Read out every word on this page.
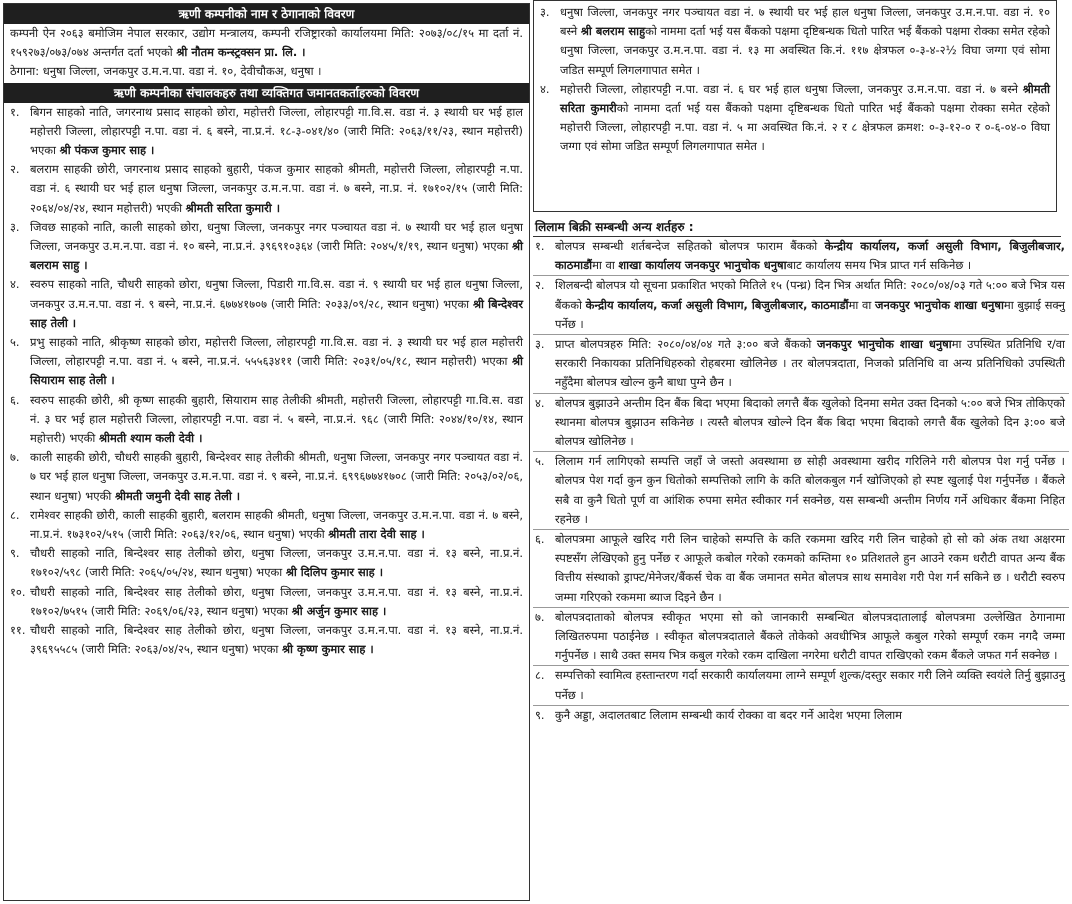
ऋणी कम्पनीको नाम र ठेगानाको विवरण
कम्पनी ऐन २०६३ बमोजिम नेपाल सरकार, उद्योग मन्त्रालय, कम्पनी रजिष्ट्रारको कार्यालयमा मिति: २०७३/०८/१५ मा दर्ता नं. १५९२७३/०७३/०७४ अन्तर्गत दर्ता भएको श्री नौतम कन्स्ट्रक्सन प्रा. लि. ।
ठेगाना: धनुषा जिल्ला, जनकपुर उ.म.न.पा. वडा नं. १०, देवीचौकअ, धनुषा ।
ऋणी कम्पनीका संचालकहरु तथा व्यक्तिगत जमानतकर्ताहरुको विवरण
१. बिगन साहको नाति, जगरनाथ प्रसाद साहको छोरा, महोत्तरी जिल्ला, लोहारपट्टी गा.वि.स. वडा नं. ३ स्थायी घर भई हाल महोत्तरी जिल्ला, लोहारपट्टी न.पा. वडा नं. ६ बस्ने, ना.प्र.नं. १८-३-०४१/४० (जारी मिति: २०६३/११/२३, स्थान महोत्तरी) भएका श्री पंकज कुमार साह ।
२. बलराम साहकी छोरी, जगरनाथ प्रसाद साहको बुहारी, पंकज कुमार साहको श्रीमती, महोत्तरी जिल्ला, लोहारपट्टी न.पा. वडा नं. ६ स्थायी घर भई हाल धनुषा जिल्ला, जनकपुर उ.म.न.पा. वडा नं. ७ बस्ने, ना.प्र. नं. १७१०२/१५ (जारी मिति: २०६४/०४/२४, स्थान महोत्तरी) भएकी श्रीमती सरिता कुमारी ।
३. जिवछ साहको नाति, काली साहको छोरा, धनुषा जिल्ला, जनकपुर नगर पञ्चायत वडा नं. ७ स्थायी घर भई हाल धनुषा जिल्ला, जनकपुर उ.म.न.पा. वडा नं. १० बस्ने, ना.प्र.नं. ३९६९१०३६४ (जारी मिति: २०४५/१/१९, स्थान धनुषा) भएका श्री बलराम साहु ।
४. स्वरुप साहको नाति, चौधरी साहको छोरा, धनुषा जिल्ला, पिडारी गा.वि.स. वडा नं. ९ स्थायी घर भई हाल धनुषा जिल्ला, जनकपुर उ.म.न.पा. वडा नं. ९ बस्ने, ना.प्र.नं. ६७७४१७०७ (जारी मिति: २०३३/०९/२८, स्थान धनुषा) भएका श्री बिन्देश्वर साह तेली ।
५. प्रभु साहको नाति, श्रीकृष्ण साहको छोरा, महोत्तरी जिल्ला, लोहारपट्टी गा.वि.स. वडा नं. ३ स्थायी घर भई हाल महोत्तरी जिल्ला, लोहारपट्टी न.पा. वडा नं. ५ बस्ने, ना.प्र.नं. ५५५६३४११ (जारी मिति: २०३१/०५/१८, स्थान महोत्तरी) भएका श्री सियाराम साह तेली ।
६. स्वरुप साहकी छोरी, श्री कृष्ण साहकी बुहारी, सियाराम साह तेलीकी श्रीमती, महोत्तरी जिल्ला, लोहारपट्टी गा.वि.स. वडा नं. ३ घर भई हाल महोत्तरी जिल्ला, लोहारपट्टी न.पा. वडा नं. ५ बस्ने, ना.प्र.नं. ९६८ (जारी मिति: २०४४/१०/१४, स्थान महोत्तरी) भएकी श्रीमती श्याम कली देवी ।
७. काली साहकी छोरी, चौधरी साहकी बुहारी, बिन्देश्वर साह तेलीकी श्रीमती, धनुषा जिल्ला, जनकपुर नगर पञ्चायत वडा नं. ७ घर भई हाल धनुषा जिल्ला, जनकपुर उ.म.न.पा. वडा नं. ९ बस्ने, ना.प्र.नं. ६९९६७७४१७०८ (जारी मिति: २०५३/०२/०६, स्थान धनुषा) भएकी श्रीमती जमुनी देवी साह तेली ।
८. रामेश्वर साहकी छोरी, काली साहकी बुहारी, बलराम साहकी श्रीमती, धनुषा जिल्ला, जनकपुर उ.म.न.पा. वडा नं. ७ बस्ने, ना.प्र.नं. १७३१०२/५१५ (जारी मिति: २०६३/१२/०६, स्थान धनुषा) भएकी श्रीमती तारा देवी साह ।
९. चौधरी साहको नाति, बिन्देश्वर साह तेलीको छोरा, धनुषा जिल्ला, जनकपुर उ.म.न.पा. वडा नं. १३ बस्ने, ना.प्र.नं. १७१०२/५९८ (जारी मिति: २०६५/०५/२४, स्थान धनुषा) भएका श्री दिलिप कुमार साह ।
१०. चौधरी साहको नाति, बिन्देश्वर साह तेलीको छोरा, धनुषा जिल्ला, जनकपुर उ.म.न.पा. वडा नं. १३ बस्ने, ना.प्र.नं. १७१०२/७५१५ (जारी मिति: २०६९/०६/२३, स्थान धनुषा) भएका श्री अर्जुन कुमार साह ।
११. चौधरी साहको नाति, बिन्देश्वर साह तेलीको छोरा, धनुषा जिल्ला, जनकपुर उ.म.न.पा. वडा नं. १३ बस्ने, ना.प्र.नं. ३९६९५५८५ (जारी मिति: २०६३/०४/२५, स्थान धनुषा) भएका श्री कृष्ण कुमार साह ।
३. धनुषा जिल्ला, जनकपुर नगर पञ्चायत वडा नं. ७ स्थायी घर भई हाल धनुषा जिल्ला, जनकपुर उ.म.न.पा. वडा नं. १० बस्ने श्री बलराम साहुको नाममा दर्ता भई यस बैंकको पक्षमा दृष्टिबन्धक धितो पारित भई बैंकको पक्षमा रोक्का समेत रहेको धनुषा जिल्ला, जनकपुर उ.म.न.पा. वडा नं. १३ मा अवस्थित कि.नं. ११७ क्षेत्रफल ०-३-४-२½ विघा जग्गा एवं सोमा जडित सम्पूर्ण लिगलगापात समेत ।
४. महोत्तरी जिल्ला, लोहारपट्टी न.पा. वडा नं. ६ घर भई हाल धनुषा जिल्ला, जनकपुर उ.म.न.पा. वडा नं. ७ बस्ने श्रीमती सरिता कुमारीको नाममा दर्ता भई यस बैंकको पक्षमा दृष्टिबन्धक धितो पारित भई बैंकको पक्षमा रोक्का समेत रहेको महोत्तरी जिल्ला, लोहारपट्टी न.पा. वडा नं. ५ मा अवस्थित कि.नं. २ र ८ क्षेत्रफल क्रमश: ०-३-१२-० र ०-६-०४-० विघा जग्गा एवं सोमा जडित सम्पूर्ण लिगलगापात समेत ।
लिलाम बिक्री सम्बन्धी अन्य शर्तहरु :
१. बोलपत्र सम्बन्धी शर्तबन्देज सहितको बोलपत्र फाराम बैंकको केन्द्रीय कार्यालय, कर्जा असुली विभाग, बिजुलीबजार, काठमाडौंमा वा शाखा कार्यालय जनकपुर भानुचोक धनुषाबाट कार्यालय समय भित्र प्राप्त गर्न सकिनेछ ।
२. शिलबन्दी बोलपत्र यो सूचना प्रकाशित भएको मितिले १५ (पन्ध्र) दिन भित्र अर्थात मिति: २०८०/०४/०३ गते ५:०० बजे भित्र यस बैंकको केन्द्रीय कार्यालय, कर्जा असुली विभाग, बिजुलीबजार, काठमाडौंमा वा जनकपुर भानुचोक शाखा धनुषामा बुझाई सक्नु पर्नेछ ।
३. प्राप्त बोलपत्रहरु मिति: २०८०/०४/०४ गते ३:०० बजे बैंकको जनकपुर भानुचोक शाखा धनुषामा उपस्थित प्रतिनिधि र/वा सरकारी निकायका प्रतिनिधिहरुको रोहबरमा खोलिनेछ । तर बोलपत्रदाता, निजको प्रतिनिधि वा अन्य प्रतिनिधिको उपस्थिती नहुँदैमा बोलपत्र खोल्न कुनै बाधा पुग्ने छैन ।
४. बोलपत्र बुझाउने अन्तीम दिन बैंक बिदा भएमा बिदाको लगत्तै बैंक खुलेको दिनमा समेत उक्त दिनको ५:०० बजे भित्र तोकिएको स्थानमा बोलपत्र बुझाउन सकिनेछ । त्यस्तै बोलपत्र खोल्ने दिन बैंक बिदा भएमा बिदाको लगत्तै बैंक खुलेको दिन ३:०० बजे बोलपत्र खोलिनेछ ।
५. लिलाम गर्न लागिएको सम्पत्ति जहाँ जे जस्तो अवस्थामा छ सोही अवस्थामा खरीद गरिलिने गरी बोलपत्र पेश गर्नु पर्नेछ । बोलपत्र पेश गर्दा कुन कुन धितोको सम्पत्तिको लागि के कति बोलकबुल गर्न खोजिएको हो स्पष्ट खुलाई पेश गर्नुपर्नेछ । बैंकले सबै वा कुनै धितो पूर्ण वा आंशिक रुपमा समेत स्वीकार गर्न सक्नेछ, यस सम्बन्धी अन्तीम निर्णय गर्ने अधिकार बैंकमा निहित रहनेछ ।
६. बोलपत्रमा आफूले खरिद गरी लिन चाहेको सम्पत्ति के कति रकममा खरिद गरी लिन चाहेको हो सो को अंक तथा अक्षरमा स्पष्टसँग लेखिएको हुनु पर्नेछ र आफूले कबोल गरेको रकमको कम्तिमा १० प्रतिशतले हुन आउने रकम धरौटी वापत अन्य बैंक वित्तीय संस्थाको ड्राफ्ट/मेनेजर/बैंकर्स चेक वा बैंक जमानत समेत बोलपत्र साथ समावेश गरी पेश गर्न सकिने छ । धरौटी स्वरुप जम्मा गरिएको रकममा ब्याज दिइने छैन ।
७. बोलपत्रदाताको बोलपत्र स्वीकृत भएमा सो को जानकारी सम्बन्धित बोलपत्रदातालाई बोलपत्रमा उल्लेखित ठेगानामा लिखितरुपमा पठाईनेछ । स्वीकृत बोलपत्रदाताले बैंकले तोकेको अवधीभित्र आफूले कबुल गरेको सम्पूर्ण रकम नगदै जम्मा गर्नुपर्नेछ । साथै उक्त समय भित्र कबुल गरेको रकम दाखिला नगरेमा धरौटी वापत राखिएको रकम बैंकले जफत गर्न सक्नेछ ।
८. सम्पत्तिको स्वामित्व हस्तान्तरण गर्दा सरकारी कार्यालयमा लाग्ने सम्पूर्ण शुल्क/दस्तुर सकार गरी लिने व्यक्ति स्वयंले तिर्नु बुझाउनु पर्नेछ ।
९. कुनै अड्डा, अदालतबाट लिलाम सम्बन्धी कार्य रोक्का वा बदर गर्ने आदेश भएमा लिलाम
